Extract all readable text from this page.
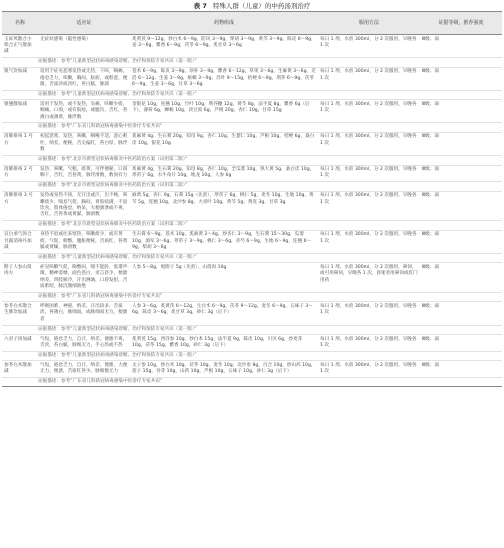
表 7 特殊人群（儿童）的中药汤剂治疗
名称	适应证	药物组成	服用方法	证据等级，推荐强度
玉屏风散合小柴合正气散加减	无症状感染（隐性感染）	炙黄芪 9～12g，炒白术 6～9g，防风 3～9g，柴胡 3～9g，黄芩 3～9g，陈皮 6～9g，姜 3～6g，藿香 6～9g，茯苓 6～9g，炙甘草 3～6g	每日 1 剂，水煎 300ml，分 2 次服用，早晚各 1 次	Ⅲ级；弱
证据描述：参考“儿童新型冠状病毒感染诊断、治疗和预防专家共识（第一版）”				
银气饮加减	适用于症见恶寒发热或无热，干咳，咽痛，倦怠乏力，咳嗽，胸闷，脘痞，或呕恶，便溏。舌质淡或淡红，苔白腻，脉濡	苍术 6～9g，陈皮 3～9g，厚朴 3～9g，藿香 6～12g，草果 3～6g，生麻黄 3～6g，羌活 6～12g，生姜 3～9g，槟榔 3～9g，苏叶 9～15g，桔梗 6～9g，荆芥 6～9g，茯苓 6～9g，生姜 3～6g，甘草 3～6g	每日 1 剂，水煎 300ml，分 2 次服用，早晚各 1 次	Ⅲ级；弱
证据描述：参考“儿童新型冠状病毒感染诊断、治疗和预防专家共识（第一版）”				
银翘散加减	适用于发热，或不发热，头痛，咳嗽少痰，咽痛，口渴，或有脘痞，或腹泻，舌红，苔薄白或薄黄，脉浮数	金银花 10g，连翘 10g，竹叶 10g，荆芥穗 12g，黄芩 8g，法半夏 8g，藿香 6g（后下），薄荷 6g，蝉蜕 10g，淡豆豉 6g，芦根 20g，杏仁 10g，甘草 15g	每日 1 剂，水煎 300ml，分 2 次服用，早晚各 1 次	Ⅲ级；弱
证据描述：参考“广东省儿科新冠病毒感染中医诊疗专家共识”				
清肺排毒 1 号方	初起恶寒，发热，咳嗽，咽喉不适，恶心呕吐，纳差，便秘，舌尖偏红，苔白厚，脉浮数	炙麻黄 4g，生石膏 20g，知母 9g，杏仁 10g，生薏仁 10g，芦根 10g，桔梗 6g，桑白皮 10g，银花 10g	每日 1 剂，水煎 300ml，分 2 次服用，早晚各 1 次	Ⅲ级；弱
证据描述：参考“北京市新型冠状病毒肺炎中医药防治方案（试用第二版）”				
清肺排毒 2 号方	发热，咳嗽，气粗，痰黄，可伴便秘，口渴咽干，舌红，舌苔黄，脉浮滑数，数而有力	炙麻黄 4g，生石膏 20g，知母 8g，杏仁 10g，全瓜蒌 10g，熟大黄 5g，桑白皮 10g，葶苈子 6g，水牛角片 10g，地龙 10g，人参 6g	每日 1 剂，水煎 300ml，分 2 次服用，早晚各 1 次	Ⅲ级；弱
证据描述：参考“北京市新型冠状病毒肺炎中医药防治方案（试用第二版）”				
清肺排毒 3 号方	发热或身热不扬，无汗出或汗，出不畅，咳嗽痰少，喘息气促，胸闷，胃脘痞满，不思饮食，肢体倦怠，纳呆，大便溏泄或不爽，舌红，舌苔黄或黄腻，脉滑数	麻黄 5g，杏仁 9g，石膏 15g（先煎），葶苈子 6g，桃仁 5g，麦冬 10g，生地 10g，黄芩 5g，连翘 10g，北沙参 8g，大青叶 10g，黄芩 5g，黄连 3g，甘草 3g	每日 1 剂，水煎 300ml，分 2 次服用，早晚各 1 次	Ⅲ级；弱
证据描述：参考“北京市新型冠状病毒肺炎中医药防治方案（试用第二版）”				
宣白承气汤合甘露消毒丹加减	身热不退或往来寒热，咳嗽痰少，或有黄痰，气促，喘憋，腹胀便秘，舌质红，苔黄腻或黄燥，脉滑数	生石膏 6～9g，苍术 10g，炙麻黄 2～4g，炒杏仁 3～9g，生石膏 15～30g，瓜蒌 10g，酒军 3～6g，葶苈子 3～9g，桃仁 3～6g，赤芍 6～9g，生地 6～9g，连翘 6～9g，柴胡 3～6g	每日 1 剂，水煎 300ml，分 2 次服用，早晚各 1 次	Ⅲ级；弱
证据描述：参考“儿童新型冠状病毒感染诊断、治疗和预防专家共识（第一版）”				
附子人参山萸肉方	症见咳嗽气促，胸憋闷，喘不能卧，低谐声微，精神萎靡，面色苍白，语言甚少，便溏纳差，四肢厥冷，汗出淋漓，口唇发绀，舌质紫暗，脉沉微细欲绝	人参 5～8g，炮附子 5g（先煎），山萸肉 10g	每日 1 剂，水煎 300ml，分 2 次服用，鼻饲，或可用鼻饲，早晚各 1 次，昏迷者用鼻饲或肛门用药	Ⅲ级；弱
证据描述：参考“广东省儿科新冠病毒感染中医诊疗专家共识”				
参苓白术散合生脉饮加减	呼吸困难，神倦，纳差，汗出较多，舌质淡，苔薄白，脉细弱，或脉细而无力，便溏者	人参 3～6g，炙黄芪 6～12g，生白术 6～9g，茯苓 9～12g，麦冬 6～9g，五味子 3～6g，陈皮 3～6g，炙甘草 3g，砂仁 3g（后下）	每日 1 剂，水煎 300ml，分 2 次服用，早晚各 1 次	Ⅲ级；弱
证据描述：参考“儿童新型冠状病毒感染诊断、治疗和预防专家共识（第一版）”				
六君子汤加减	气短，倦怠乏力，自汗，纳差，便溏不爽，舌淡，苔白腻，脉细无力，手心热或不热	炙黄芪 15g，西洋参 10g，炒白术 15g，法半夏 9g，陈皮 10g，川贝 6g，炒麦芽 10g，茯苓 15g，藿香 10g，砂仁 3g（后下）	每日 1 剂，水煎 300ml，分 2 次服用，早晚各 1 次	Ⅲ级；弱
证据描述：参考“儿童新型冠状病毒感染诊断、治疗和预防专家共识（第一版）”				
参苓白术散加减	气短，倦怠乏力，自汗，纳差，便溏，大便无力，便溏，舌质红苔少，脉细数无力	太子参 10g，炒白术 10g，茯苓 10g，麦冬 10g，北沙参 8g，百合 10g，炒山药 10g，莲子 15g，谷芽 10g，山药 10g，芦根 10g，五味子 10g，砂仁 3g（后下）	每日 1 剂，水煎 300ml，分 2 次服用，早晚各 1 次	Ⅲ级；弱
证据描述：参考“广东省儿科新冠病毒感染中医诊疗专家共识”				
